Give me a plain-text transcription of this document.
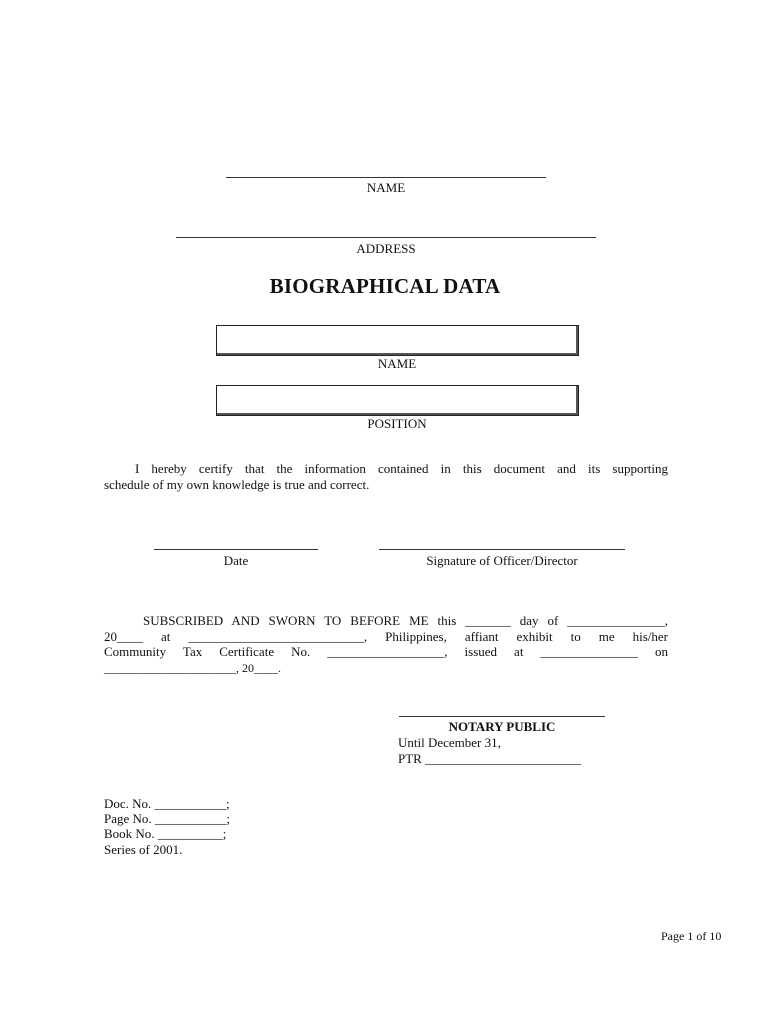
NAME
ADDRESS
BIOGRAPHICAL DATA
NAME
POSITION
I hereby certify that the information contained in this document and its supporting
schedule of my own knowledge is true and correct.
Date	Signature of Officer/Director
SUBSCRIBED AND SWORN TO BEFORE ME this _______ day of _______________,
20____ at ___________________________, Philippines, affiant exhibit to me his/her
Community Tax Certificate No. __________________, issued at _______________ on
______________________, 20____.
NOTARY PUBLIC
Until December 31,
PTR ________________________
Doc. No. ___________;
Page No. ___________;
Book No. __________;
Series of 2001.
Page 1 of 10
